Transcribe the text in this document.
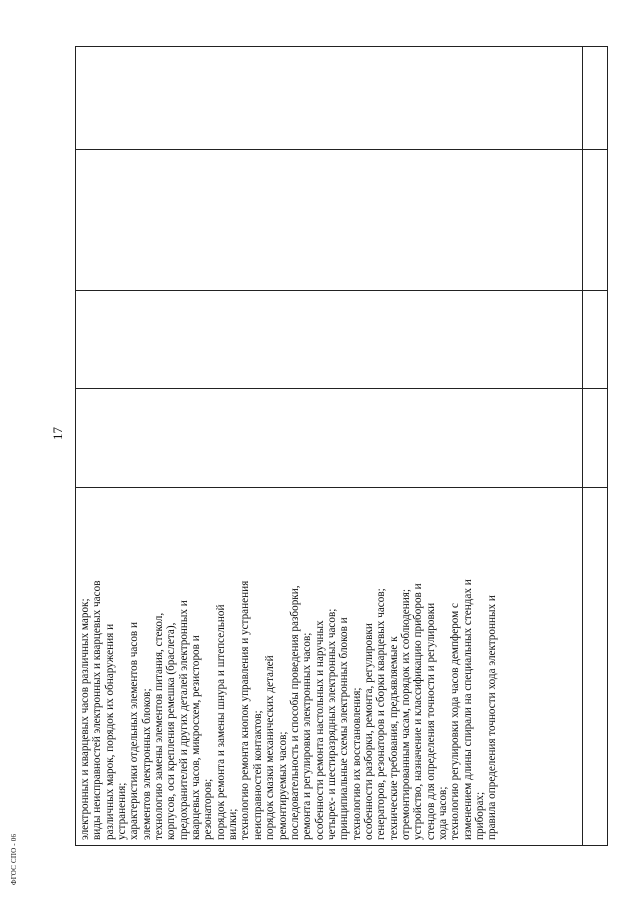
17
ФГОС СПО - 06
электронных и кварцевых часов различных марок; виды неисправностей электронных и кварцевых часов различных марок, порядок их обнаружения и устранения; характеристики отдельных элементов часов и элементов электронных блоков; технологию замены элементов питания, стекол, корпусов, оси крепления ремешка (браслета), предохранителей и других деталей электронных и кварцевых часов, микросхем, резисторов и резонаторов; порядок ремонта и замены шнура и штепсельной вилки; технологию ремонта кнопок управления и устранения неисправностей контактов; порядок смазки механических деталей ремонтируемых часов; последовательность и способы проведения разборки, ремонта и регулировки электронных часов; особенности ремонта настольных и наручных четырех- и шестиразрядных электронных часов; принципиальные схемы электронных блоков и технологию их восстановления; особенности разборки, ремонта, регулировки генераторов, резонаторов и сборки кварцевых часов; технические требования, предъявляемые к отремонтированным часам, порядок их соблюдения; устройство, назначение и классификацию приборов и стендов для определения точности и регулировки хода часов; технологию регулировки хода часов демпфером с изменением длины спирали на специальных стендах и приборах; правила определения точности хода электронных и
